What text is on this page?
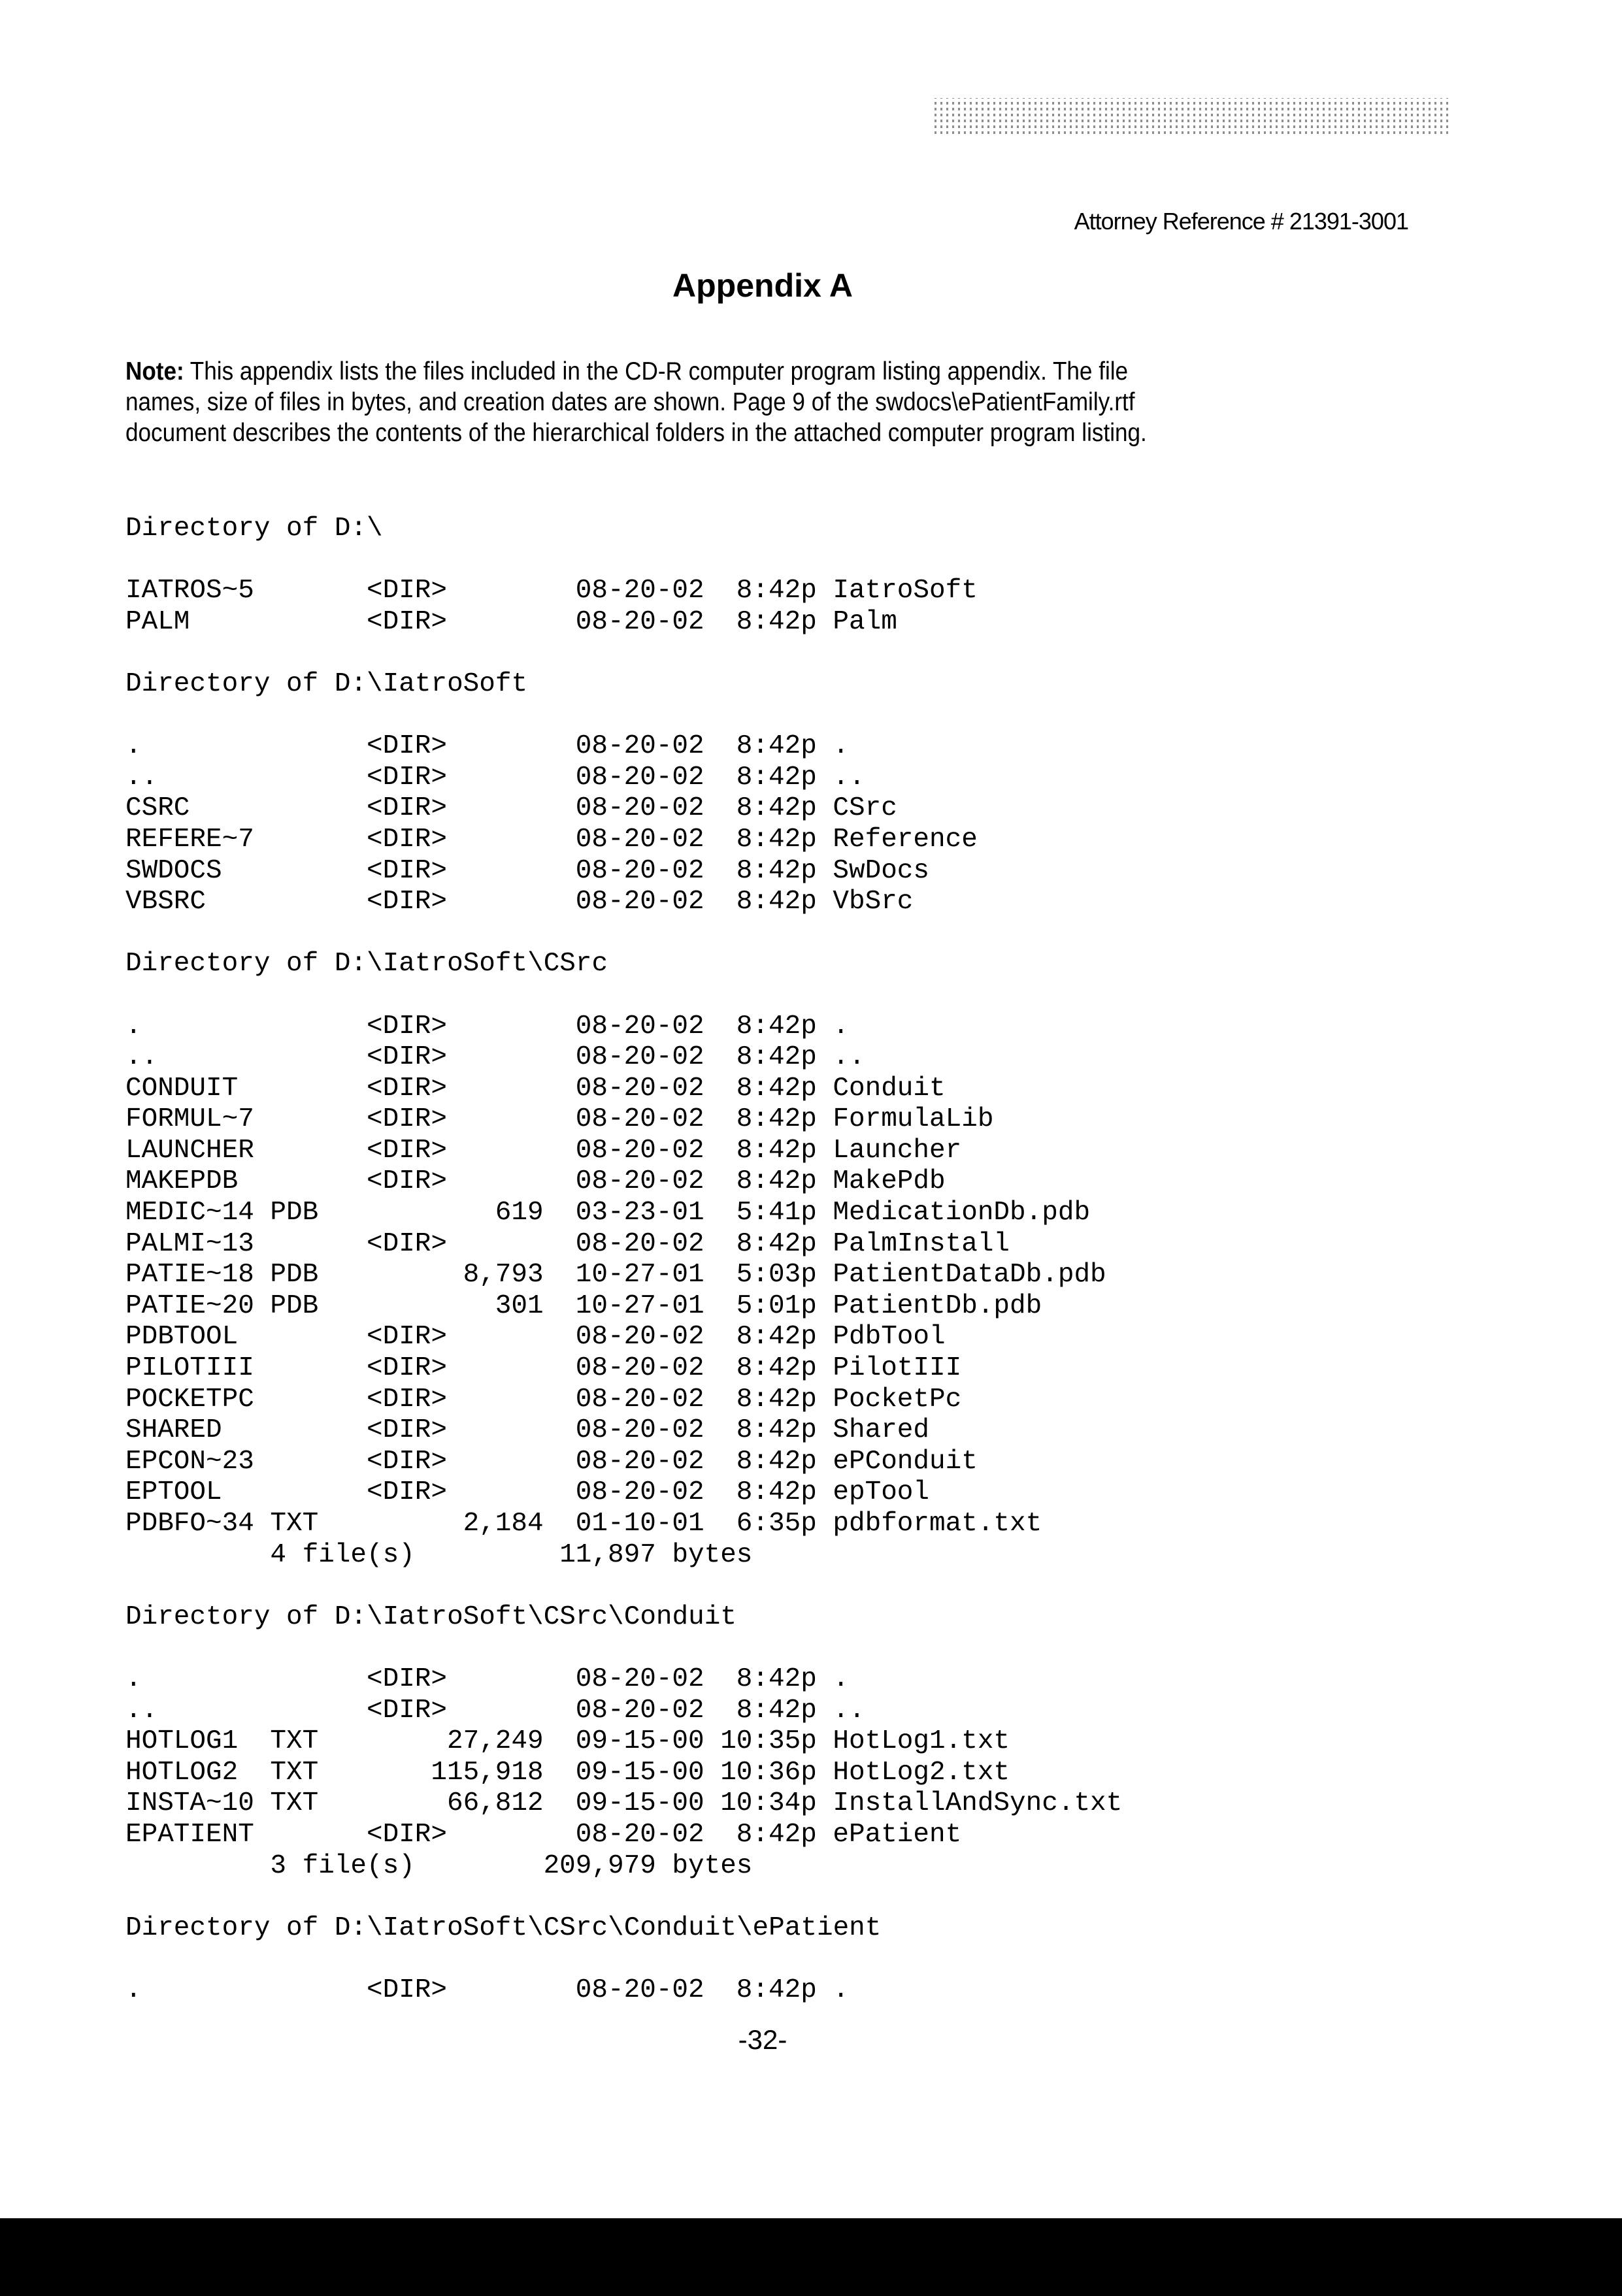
Attorney Reference # 21391-3001
Appendix A
Note: This appendix lists the files included in the CD-R computer program listing appendix. The file
names, size of files in bytes, and creation dates are shown. Page 9 of the swdocs\ePatientFamily.rtf
document describes the contents of the hierarchical folders in the attached computer program listing.
Directory of D:\
IATROS~5	<DIR>	08-20-02 8:42p IatroSoft
PALM	<DIR>	08-20-02 8:42p Palm
Directory of D:\IatroSoft
.	<DIR>	08-20-02 8:42p .
..	<DIR>	08-20-02 8:42p ..
CSRC	<DIR>	08-20-02 8:42p CSrc
REFERE~7	<DIR>	08-20-02 8:42p Reference
SWDOCS	<DIR>	08-20-02 8:42p SwDocs
VBSRC	<DIR>	08-20-02 8:42p VbSrc
Directory of D:\IatroSoft\CSrc
.	<DIR>	08-20-02 8:42p .
..	<DIR>	08-20-02 8:42p ..
CONDUIT	<DIR>	08-20-02 8:42p Conduit
FORMUL~7	<DIR>	08-20-02 8:42p FormulaLib
LAUNCHER	<DIR>	08-20-02 8:42p Launcher
MAKEPDB	<DIR>	08-20-02 8:42p MakePdb
MEDIC~14 PDB	619 03-23-01 5:41p MedicationDb.pdb
PALMI~13	<DIR>	08-20-02 8:42p PalmInstall
PATIE~18 PDB	8,793 10-27-01 5:03p PatientDataDb.pdb
PATIE~20 PDB	301 10-27-01 5:01p PatientDb.pdb
PDBTOOL	<DIR>	08-20-02 8:42p PdbTool
PILOTIII	<DIR>	08-20-02 8:42p PilotIII
POCKETPC	<DIR>	08-20-02 8:42p PocketPc
SHARED	<DIR>	08-20-02 8:42p Shared
EPCON~23	<DIR>	08-20-02 8:42p ePConduit
EPTOOL	<DIR>	08-20-02 8:42p epTool
PDBFO~34 TXT	2,184 01-10-01 6:35p pdbformat.txt
4 file(s)	11,897 bytes
Directory of D:\IatroSoft\CSrc\Conduit
.	<DIR>	08-20-02 8:42p .
..	<DIR>	08-20-02 8:42p ..
HOTLOG1 TXT	27,249 09-15-00 10:35p HotLog1.txt
HOTLOG2 TXT	115,918 09-15-00 10:36p HotLog2.txt
INSTA~10 TXT	66,812 09-15-00 10:34p InstallAndSync.txt
EPATIENT	<DIR>	08-20-02 8:42p ePatient
3 file(s)	209,979 bytes
Directory of D:\IatroSoft\CSrc\Conduit\ePatient
.	<DIR>	08-20-02 8:42p .
-32-
